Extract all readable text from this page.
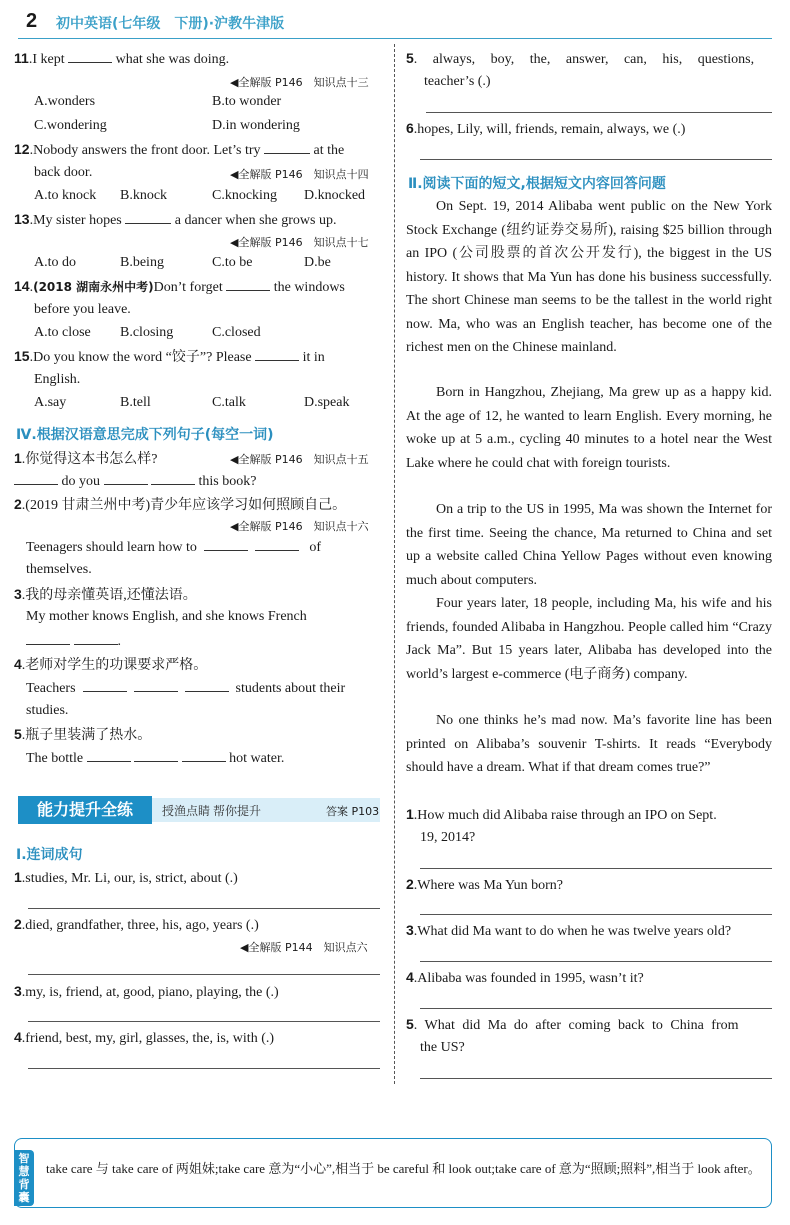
2 初中英语(七年级　下册)·沪教牛津版
11.I kept	what she was doing.
◀全解版 P146　知识点十三
A.wonders	B.to wonder
C.wondering	D.in wondering
12.Nobody answers the front door. Let’s try	at the
back door.	◀全解版 P146　知识点十四
A.to knock B.knock	C.knocking D.knocked
13.My sister hopes	a dancer when she grows up.
◀全解版 P146　知识点十七
A.to do	B.being	C.to be	D.be
14.(2018 湖南永州中考)Don’t forget	the windows
before you leave.
A.to close B.closing	C.closed
15.Do you know the word “饺子”? Please	it in
English.
A.say	B.tell	C.talk	D.speak
Ⅳ.根据汉语意思完成下列句子(每空一词)
1.你觉得这本书怎么样?	◀全解版 P146　知识点十五
do you	this book?
2.(2019 甘肃兰州中考)青少年应该学习如何照顾自己。
◀全解版 P146　知识点十六
Teenagers should learn how to	of
themselves.
3.我的母亲懂英语,还懂法语。
My mother knows English, and she knows French
.
4.老师对学生的功课要求严格。
Teachers	students about their
studies.
5.瓶子里装满了热水。
The bottle	hot water.
能力提升全练	授渔点睛 帮你提升	答案 P103
Ⅰ.连词成句
1.studies, Mr. Li, our, is, strict, about (.)
2.died, grandfather, three, his, ago, years (.)
◀全解版 P144　知识点六
3.my, is, friend, at, good, piano, playing, the (.)
4.friend, best, my, girl, glasses, the, is, with (.)
5. always, boy, the, answer, can, his, questions,
teacher’s (.)
6.hopes, Lily, will, friends, remain, always, we (.)
Ⅱ.阅读下面的短文,根据短文内容回答问题
On Sept. 19, 2014 Alibaba went public on the New York Stock Exchange (纽约证券交易所), raising $25 billion through an IPO (公司股票的首次公开发行), the biggest in the US history. It shows that Ma Yun has done his business successfully. The short Chinese man seems to be the tallest in the world right now. Ma, who was an English teacher, has become one of the richest men on the Chinese mainland.
Born in Hangzhou, Zhejiang, Ma grew up as a happy kid. At the age of 12, he wanted to learn English. Every morning, he woke up at 5 a.m., cycling 40 minutes to a hotel near the West Lake where he could chat with foreign tourists.
On a trip to the US in 1995, Ma was shown the Internet for the first time. Seeing the chance, Ma returned to China and set up a website called China Yellow Pages without even knowing much about computers.
Four years later, 18 people, including Ma, his wife and his friends, founded Alibaba in Hangzhou. People called him “Crazy Jack Ma”. But 15 years later, Alibaba has developed into the world’s largest e-commerce (电子商务) company.
No one thinks he’s mad now. Ma’s favorite line has been printed on Alibaba’s souvenir T-shirts. It reads “Everybody should have a dream. What if that dream comes true?”
1.How much did Alibaba raise through an IPO on Sept.
19, 2014?
2.Where was Ma Yun born?
3.What did Ma want to do when he was twelve years old?
4.Alibaba was founded in 1995, wasn’t it?
5. What did Ma do after coming back to China from
the US?
智慧背囊
take care 与 take care of 两姐妹;take care 意为“小心”,相当于 be careful 和 look out;take care of 意为“照顾;照料”,相当于 look after。
